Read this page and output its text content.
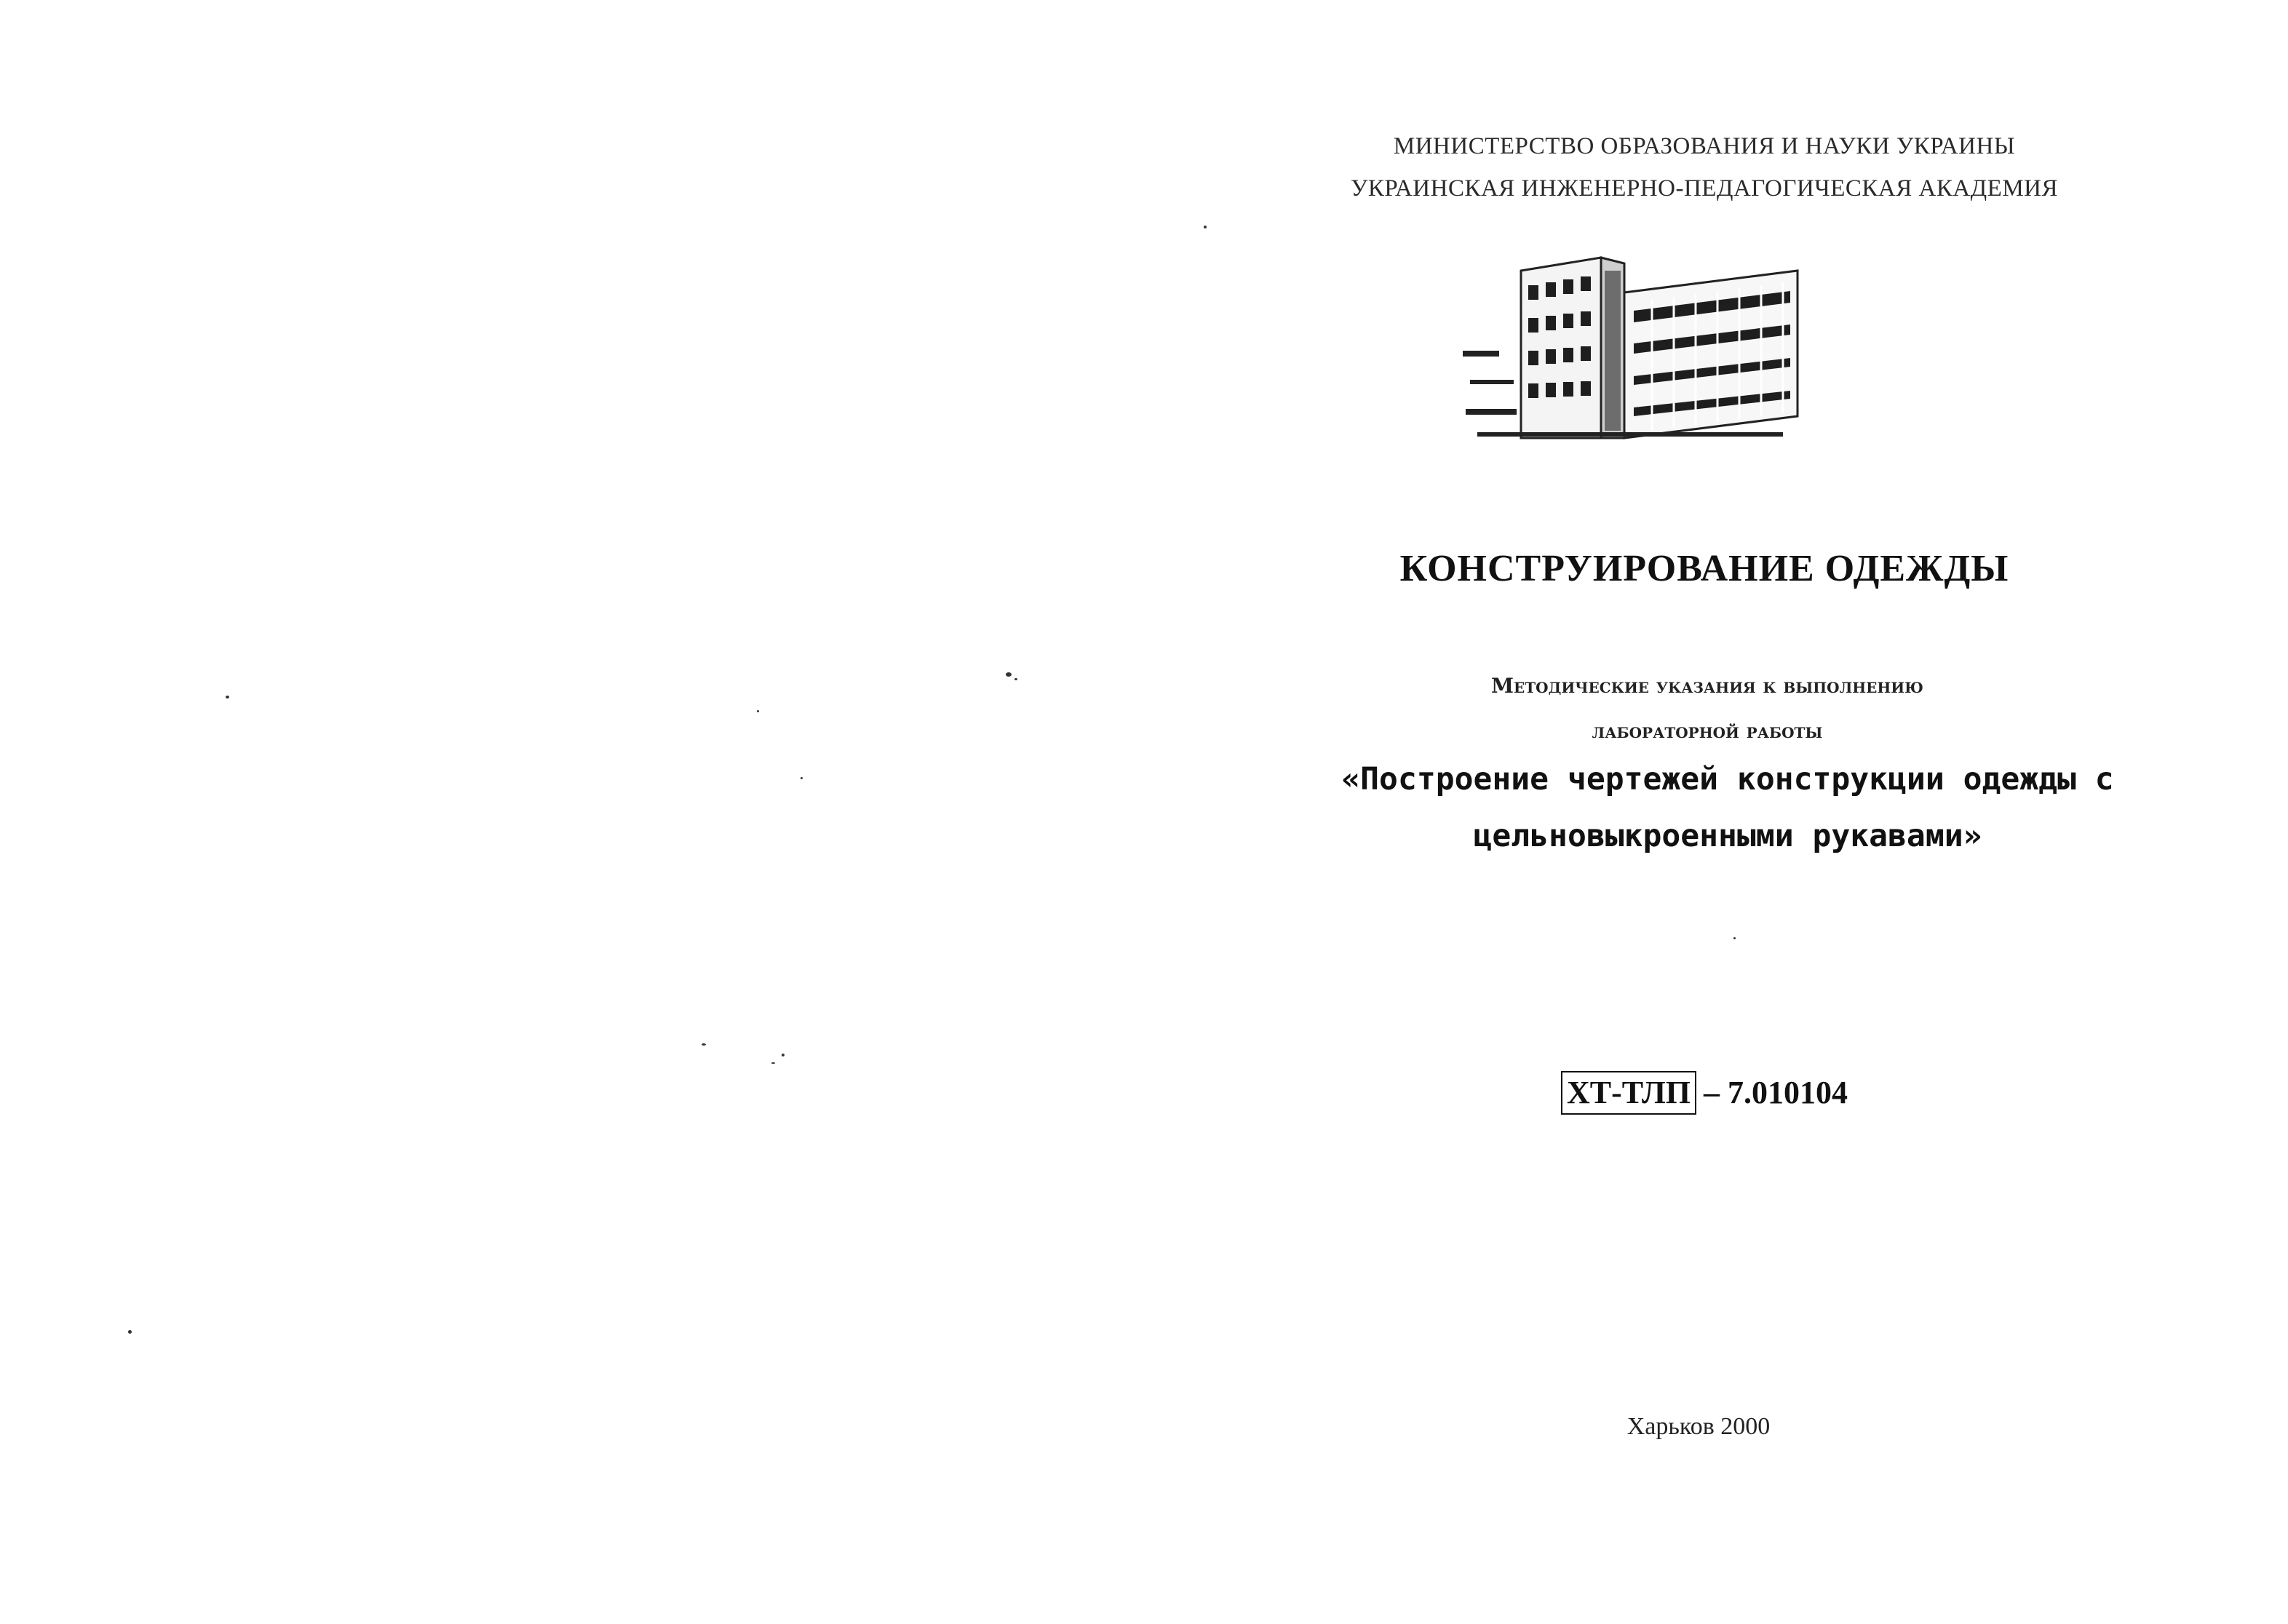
МИНИСТЕРСТВО ОБРАЗОВАНИЯ И НАУКИ УКРАИНЫ
УКРАИНСКАЯ ИНЖЕНЕРНО-ПЕДАГОГИЧЕСКАЯ АКАДЕМИЯ
КОНСТРУИРОВАНИЕ ОДЕЖДЫ
Методические указания к выполнению
лабораторной работы
«Построение чертежей конструкции одежды с
цельновыкроенными рукавами»
ХТ-ТЛП – 7.010104
Харьков 2000
